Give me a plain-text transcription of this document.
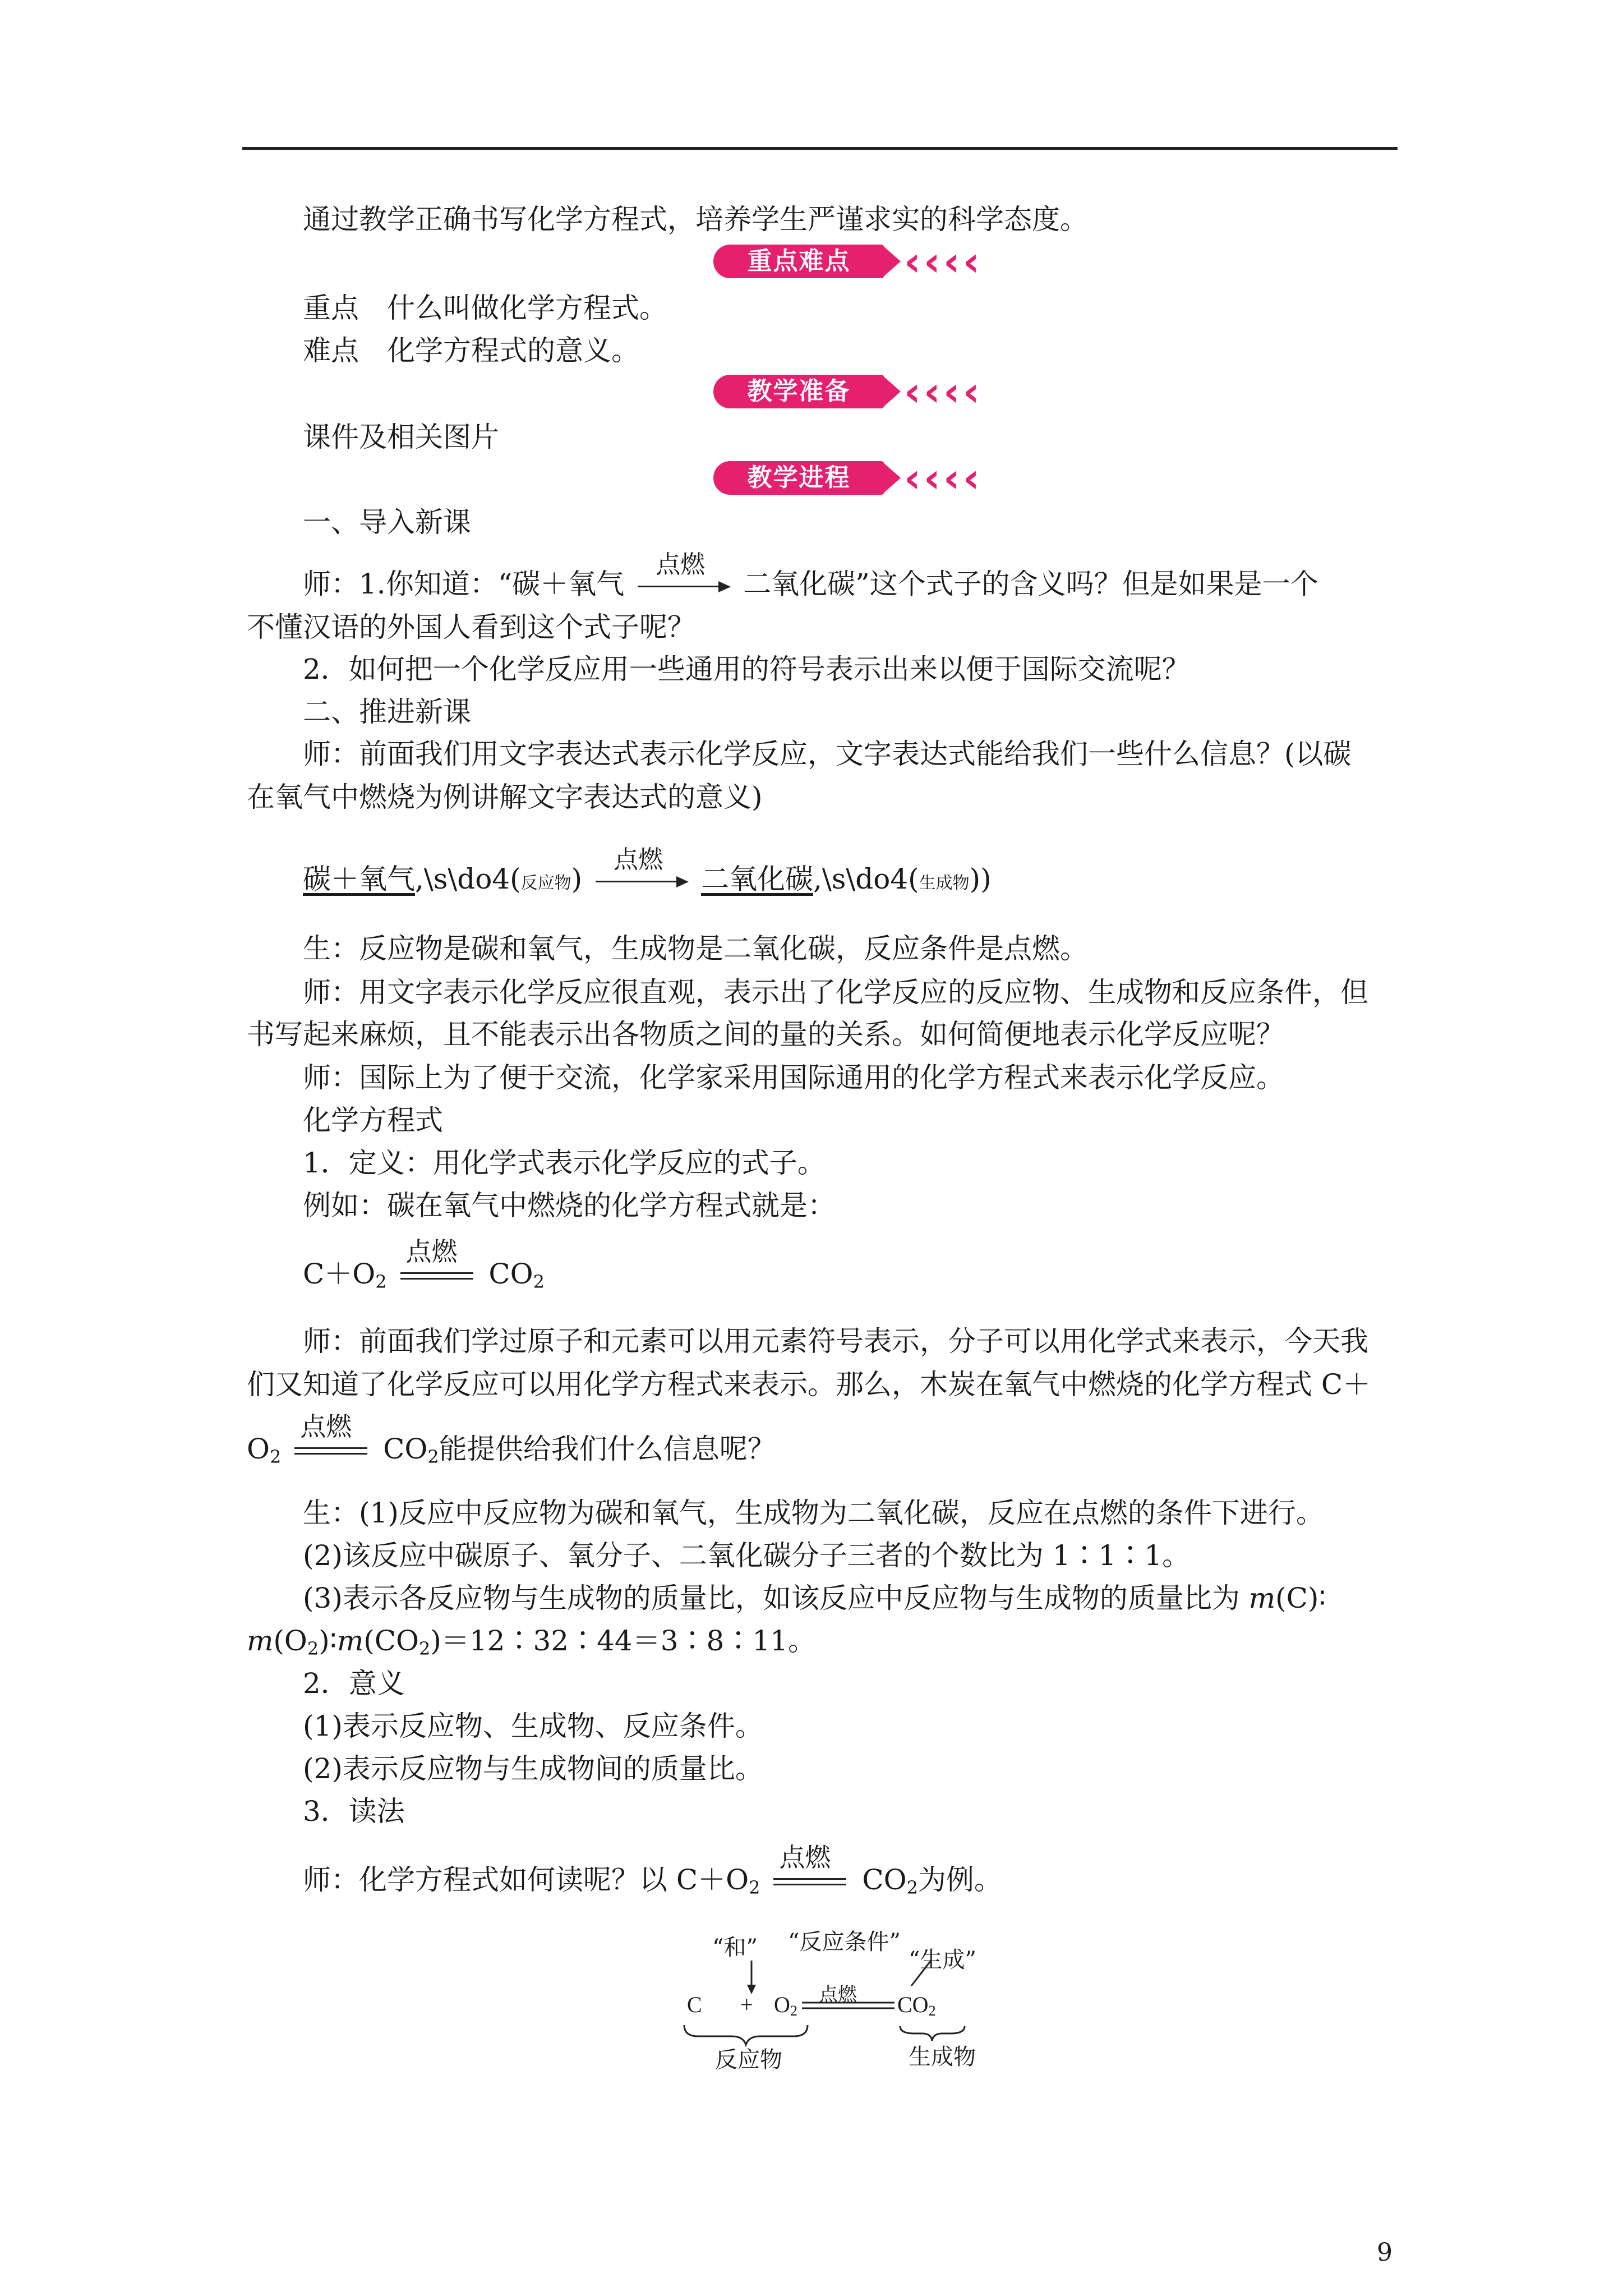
通过教学正确书写化学方程式，培养学生严谨求实的科学态度。
重点难点	‹ ‹ ‹ ‹
重点　什么叫做化学方程式。
难点　化学方程式的意义。
教学准备	‹ ‹ ‹ ‹
课件及相关图片
教学进程	‹ ‹ ‹ ‹
一、导入新课
师：1.你知道：“碳＋氧气
点燃
二氧化碳”这个式子的含义吗？但是如果是一个
不懂汉语的外国人看到这个式子呢？
2．如何把一个化学反应用一些通用的符号表示出来以便于国际交流呢？
二、推进新课
师：前面我们用文字表达式表示化学反应，文字表达式能给我们一些什么信息？(以碳
在氧气中燃烧为例讲解文字表达式的意义)
碳＋氧气,\s\do4(反应物)
点燃
二氧化碳,\s\do4(生成物))
生：反应物是碳和氧气，生成物是二氧化碳，反应条件是点燃。
师：用文字表示化学反应很直观，表示出了化学反应的反应物、生成物和反应条件，但
书写起来麻烦，且不能表示出各物质之间的量的关系。如何简便地表示化学反应呢？
师：国际上为了便于交流，化学家采用国际通用的化学方程式来表示化学反应。
化学方程式
1．定义：用化学式表示化学反应的式子。
例如：碳在氧气中燃烧的化学方程式就是：
$C+O_2$
点燃
$CO_2$
师：前面我们学过原子和元素可以用元素符号表示，分子可以用化学式来表示，今天我
们又知道了化学反应可以用化学方程式来表示。那么，木炭在氧气中燃烧的化学方程式 C＋
$O_2$
点燃
$CO_2$能提供给我们什么信息呢？
生：(1)反应中反应物为碳和氧气，生成物为二氧化碳，反应在点燃的条件下进行。
(2)该反应中碳原子、氧分子、二氧化碳分子三者的个数比为 1∶1∶1。
(3)表示各反应物与生成物的质量比，如该反应中反应物与生成物的质量比为 m(C)∶
$m(O_2)∶m(CO_2)=12∶32∶44=3∶8∶11$。
2．意义
(1)表示反应物、生成物、反应条件。
(2)表示反应物与生成物间的质量比。
3．读法
师：化学方程式如何读呢？以 $C+O_2$
点燃
$CO_2$为例。
“和” “反应条件”
“生成”
C + O2
点燃 CO2
反应物	生成物
9
